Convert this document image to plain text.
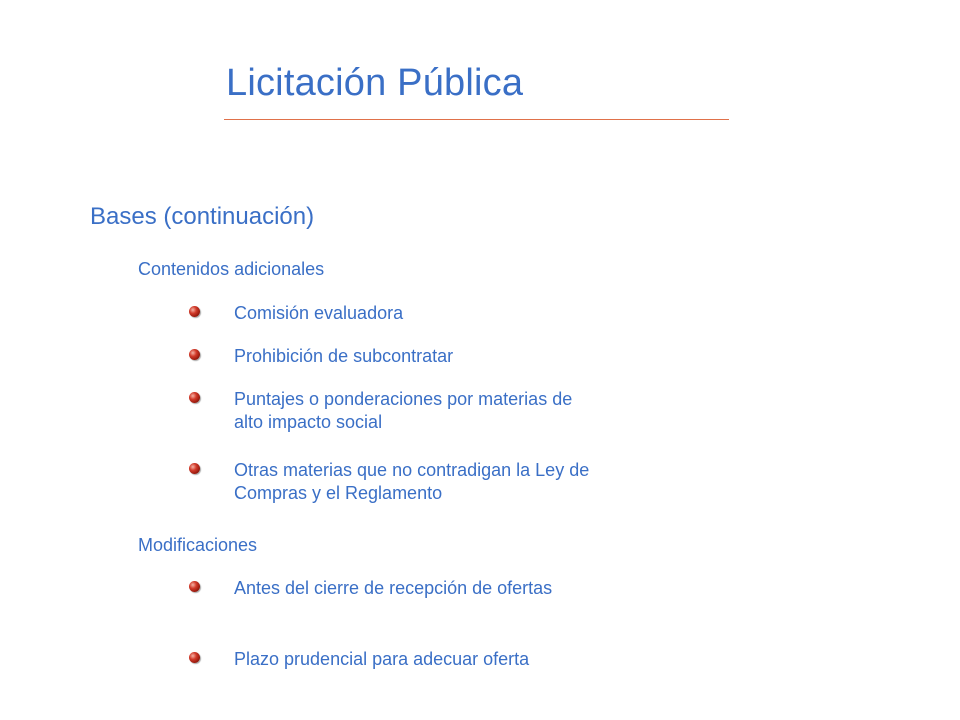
Licitación Pública
Bases (continuación)
Contenidos adicionales
Comisión evaluadora
Prohibición de subcontratar
Puntajes o ponderaciones por materias de alto impacto social
Otras materias que no contradigan la Ley de Compras y el Reglamento
Modificaciones
Antes del cierre de recepción de ofertas
Plazo prudencial para adecuar oferta
